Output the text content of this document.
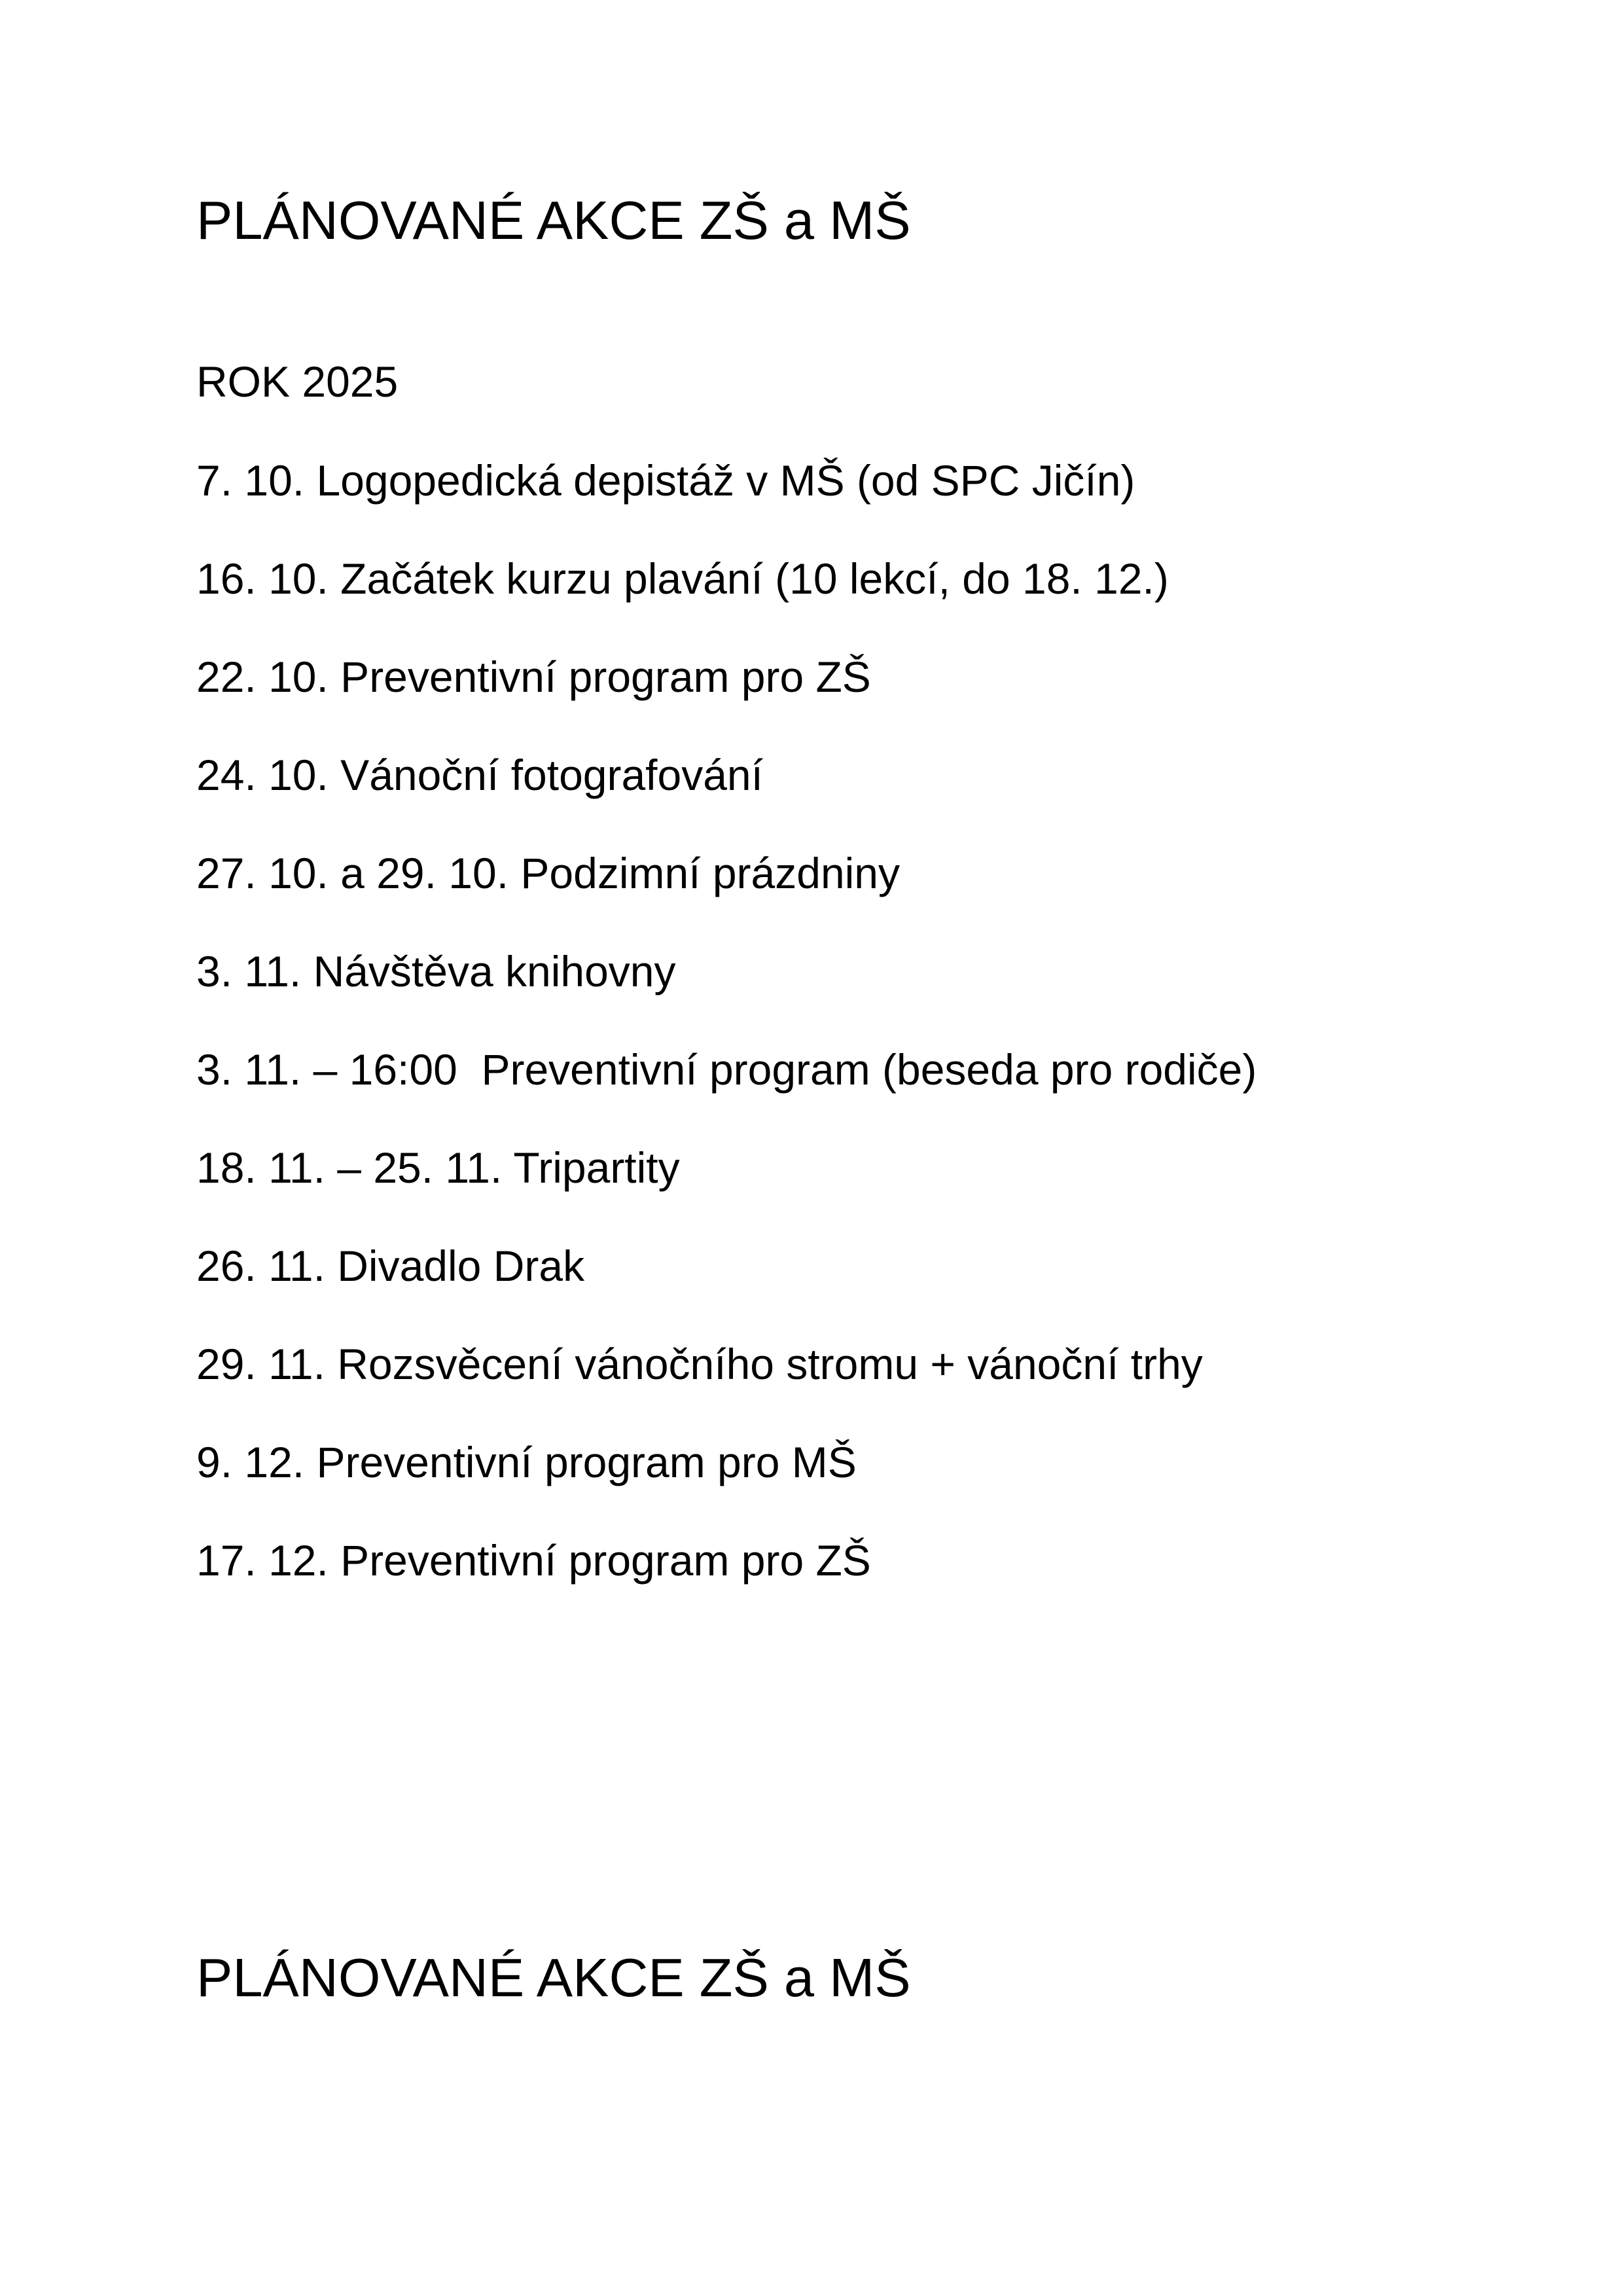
PLÁNOVANÉ AKCE ZŠ a MŠ
ROK 2025

7. 10. Logopedická depistáž v MŠ (od SPC Jičín)

16. 10. Začátek kurzu plavání (10 lekcí, do 18. 12.)

22. 10. Preventivní program pro ZŠ

24. 10. Vánoční fotografování

27. 10. a 29. 10. Podzimní prázdniny

3. 11. Návštěva knihovny

3. 11. – 16:00  Preventivní program (beseda pro rodiče)

18. 11. – 25. 11. Tripartity

26. 11. Divadlo Drak

29. 11. Rozsvěcení vánočního stromu + vánoční trhy

9. 12. Preventivní program pro MŠ

17. 12. Preventivní program pro ZŠ

PLÁNOVANÉ AKCE ZŠ a MŠ
